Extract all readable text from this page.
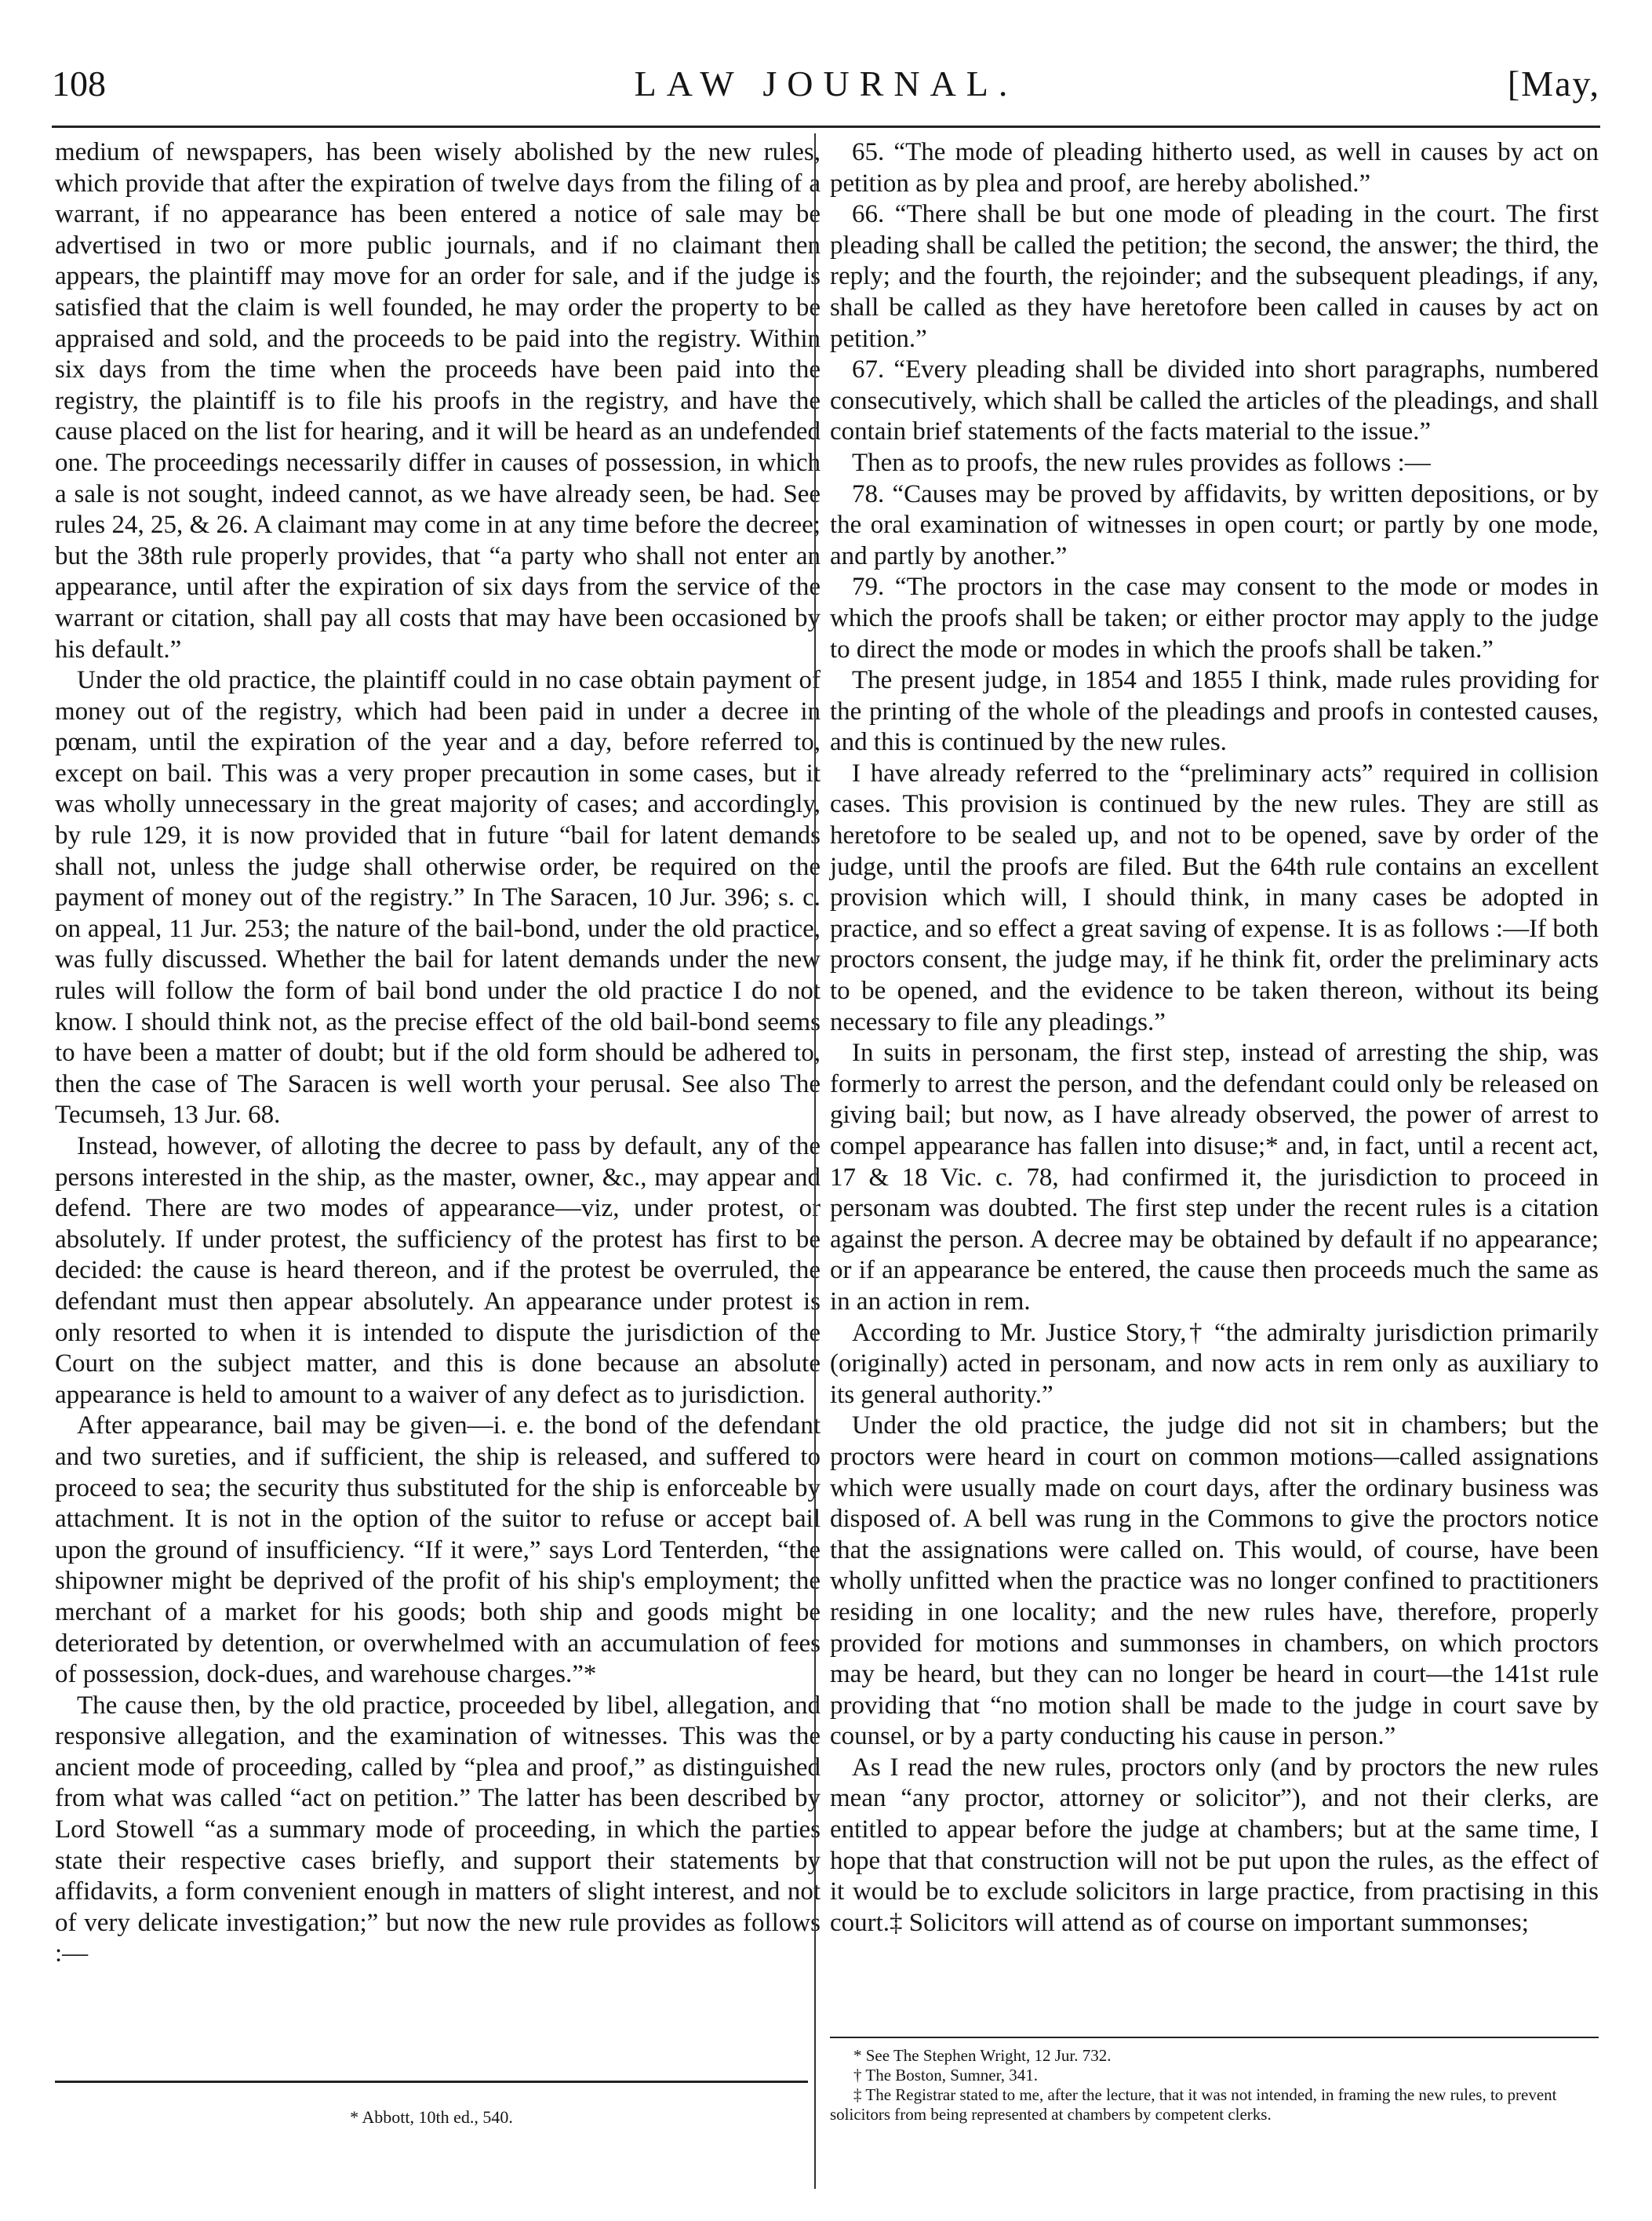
108	LAW JOURNAL.	[May,

medium of newspapers, has been wisely abolished by the new rules, which provide that after the expiration of twelve days from the filing of a warrant, if no appearance has been entered a notice of sale may be advertised in two or more public journals, and if no claimant then appears, the plaintiff may move for an order for sale, and if the judge is satisfied that the claim is well founded, he may order the property to be appraised and sold, and the proceeds to be paid into the registry. Within six days from the time when the proceeds have been paid into the registry, the plaintiff is to file his proofs in the registry, and have the cause placed on the list for hearing, and it will be heard as an undefended one. The proceedings necessarily differ in causes of possession, in which a sale is not sought, indeed cannot, as we have already seen, be had. See rules 24, 25, & 26. A claimant may come in at any time before the decree; but the 38th rule properly provides, that “a party who shall not enter an appearance, until after the expiration of six days from the service of the warrant or citation, shall pay all costs that may have been occasioned by his default.”

Under the old practice, the plaintiff could in no case obtain payment of money out of the registry, which had been paid in under a decree in pœnam, until the expiration of the year and a day, before referred to, except on bail. This was a very proper precaution in some cases, but it was wholly unnecessary in the great majority of cases; and accordingly, by rule 129, it is now provided that in future “bail for latent demands shall not, unless the judge shall otherwise order, be required on the payment of money out of the registry.” In The Saracen, 10 Jur. 396; s. c. on appeal, 11 Jur. 253; the nature of the bail-bond, under the old practice, was fully discussed. Whether the bail for latent demands under the new rules will follow the form of bail bond under the old practice I do not know. I should think not, as the precise effect of the old bail-bond seems to have been a matter of doubt; but if the old form should be adhered to, then the case of The Saracen is well worth your perusal. See also The Tecumseh, 13 Jur. 68.

Instead, however, of alloting the decree to pass by default, any of the persons interested in the ship, as the master, owner, &c., may appear and defend. There are two modes of appearance—viz, under protest, or absolutely. If under protest, the sufficiency of the protest has first to be decided: the cause is heard thereon, and if the protest be overruled, the defendant must then appear absolutely. An appearance under protest is only resorted to when it is intended to dispute the jurisdiction of the Court on the subject matter, and this is done because an absolute appearance is held to amount to a waiver of any defect as to jurisdiction.

After appearance, bail may be given—i. e. the bond of the defendant and two sureties, and if sufficient, the ship is released, and suffered to proceed to sea; the security thus substituted for the ship is enforceable by attachment. It is not in the option of the suitor to refuse or accept bail upon the ground of insufficiency. “If it were,” says Lord Tenterden, “the shipowner might be deprived of the profit of his ship's employment; the merchant of a market for his goods; both ship and goods might be deteriorated by detention, or overwhelmed with an accumulation of fees of possession, dock-dues, and warehouse charges.”*

The cause then, by the old practice, proceeded by libel, allegation, and responsive allegation, and the examination of witnesses. This was the ancient mode of proceeding, called by “plea and proof,” as distinguished from what was called “act on petition.” The latter has been described by Lord Stowell “as a summary mode of proceeding, in which the parties state their respective cases briefly, and support their statements by affidavits, a form convenient enough in matters of slight interest, and not of very delicate investigation;” but now the new rule provides as follows :—

65. “The mode of pleading hitherto used, as well in causes by act on petition as by plea and proof, are hereby abolished.”

66. “There shall be but one mode of pleading in the court. The first pleading shall be called the petition; the second, the answer; the third, the reply; and the fourth, the rejoinder; and the subsequent pleadings, if any, shall be called as they have heretofore been called in causes by act on petition.”

67. “Every pleading shall be divided into short paragraphs, numbered consecutively, which shall be called the articles of the pleadings, and shall contain brief statements of the facts material to the issue.”

Then as to proofs, the new rules provides as follows :—

78. “Causes may be proved by affidavits, by written depositions, or by the oral examination of witnesses in open court; or partly by one mode, and partly by another.”

79. “The proctors in the case may consent to the mode or modes in which the proofs shall be taken; or either proctor may apply to the judge to direct the mode or modes in which the proofs shall be taken.”

The present judge, in 1854 and 1855 I think, made rules providing for the printing of the whole of the pleadings and proofs in contested causes, and this is continued by the new rules.

I have already referred to the “preliminary acts” required in collision cases. This provision is continued by the new rules. They are still as heretofore to be sealed up, and not to be opened, save by order of the judge, until the proofs are filed. But the 64th rule contains an excellent provision which will, I should think, in many cases be adopted in practice, and so effect a great saving of expense. It is as follows :—If both proctors consent, the judge may, if he think fit, order the preliminary acts to be opened, and the evidence to be taken thereon, without its being necessary to file any pleadings.”

In suits in personam, the first step, instead of arresting the ship, was formerly to arrest the person, and the defendant could only be released on giving bail; but now, as I have already observed, the power of arrest to compel appearance has fallen into disuse;* and, in fact, until a recent act, 17 & 18 Vic. c. 78, had confirmed it, the jurisdiction to proceed in personam was doubted. The first step under the recent rules is a citation against the person. A decree may be obtained by default if no appearance; or if an appearance be entered, the cause then proceeds much the same as in an action in rem.

According to Mr. Justice Story,† “the admiralty jurisdiction primarily (originally) acted in personam, and now acts in rem only as auxiliary to its general authority.”

Under the old practice, the judge did not sit in chambers; but the proctors were heard in court on common motions—called assignations which were usually made on court days, after the ordinary business was disposed of. A bell was rung in the Commons to give the proctors notice that the assignations were called on. This would, of course, have been wholly unfitted when the practice was no longer confined to practitioners residing in one locality; and the new rules have, therefore, properly provided for motions and summonses in chambers, on which proctors may be heard, but they can no longer be heard in court—the 141st rule providing that “no motion shall be made to the judge in court save by counsel, or by a party conducting his cause in person.”

As I read the new rules, proctors only (and by proctors the new rules mean “any proctor, attorney or solicitor”), and not their clerks, are entitled to appear before the judge at chambers; but at the same time, I hope that that construction will not be put upon the rules, as the effect of it would be to exclude solicitors in large practice, from practising in this court.‡ Solicitors will attend as of course on important summonses;

* Abbott, 10th ed., 540.
* See The Stephen Wright, 12 Jur. 732.
† The Boston, Sumner, 341.
‡ The Registrar stated to me, after the lecture, that it was not intended, in framing the new rules, to prevent solicitors from being represented at chambers by competent clerks.
